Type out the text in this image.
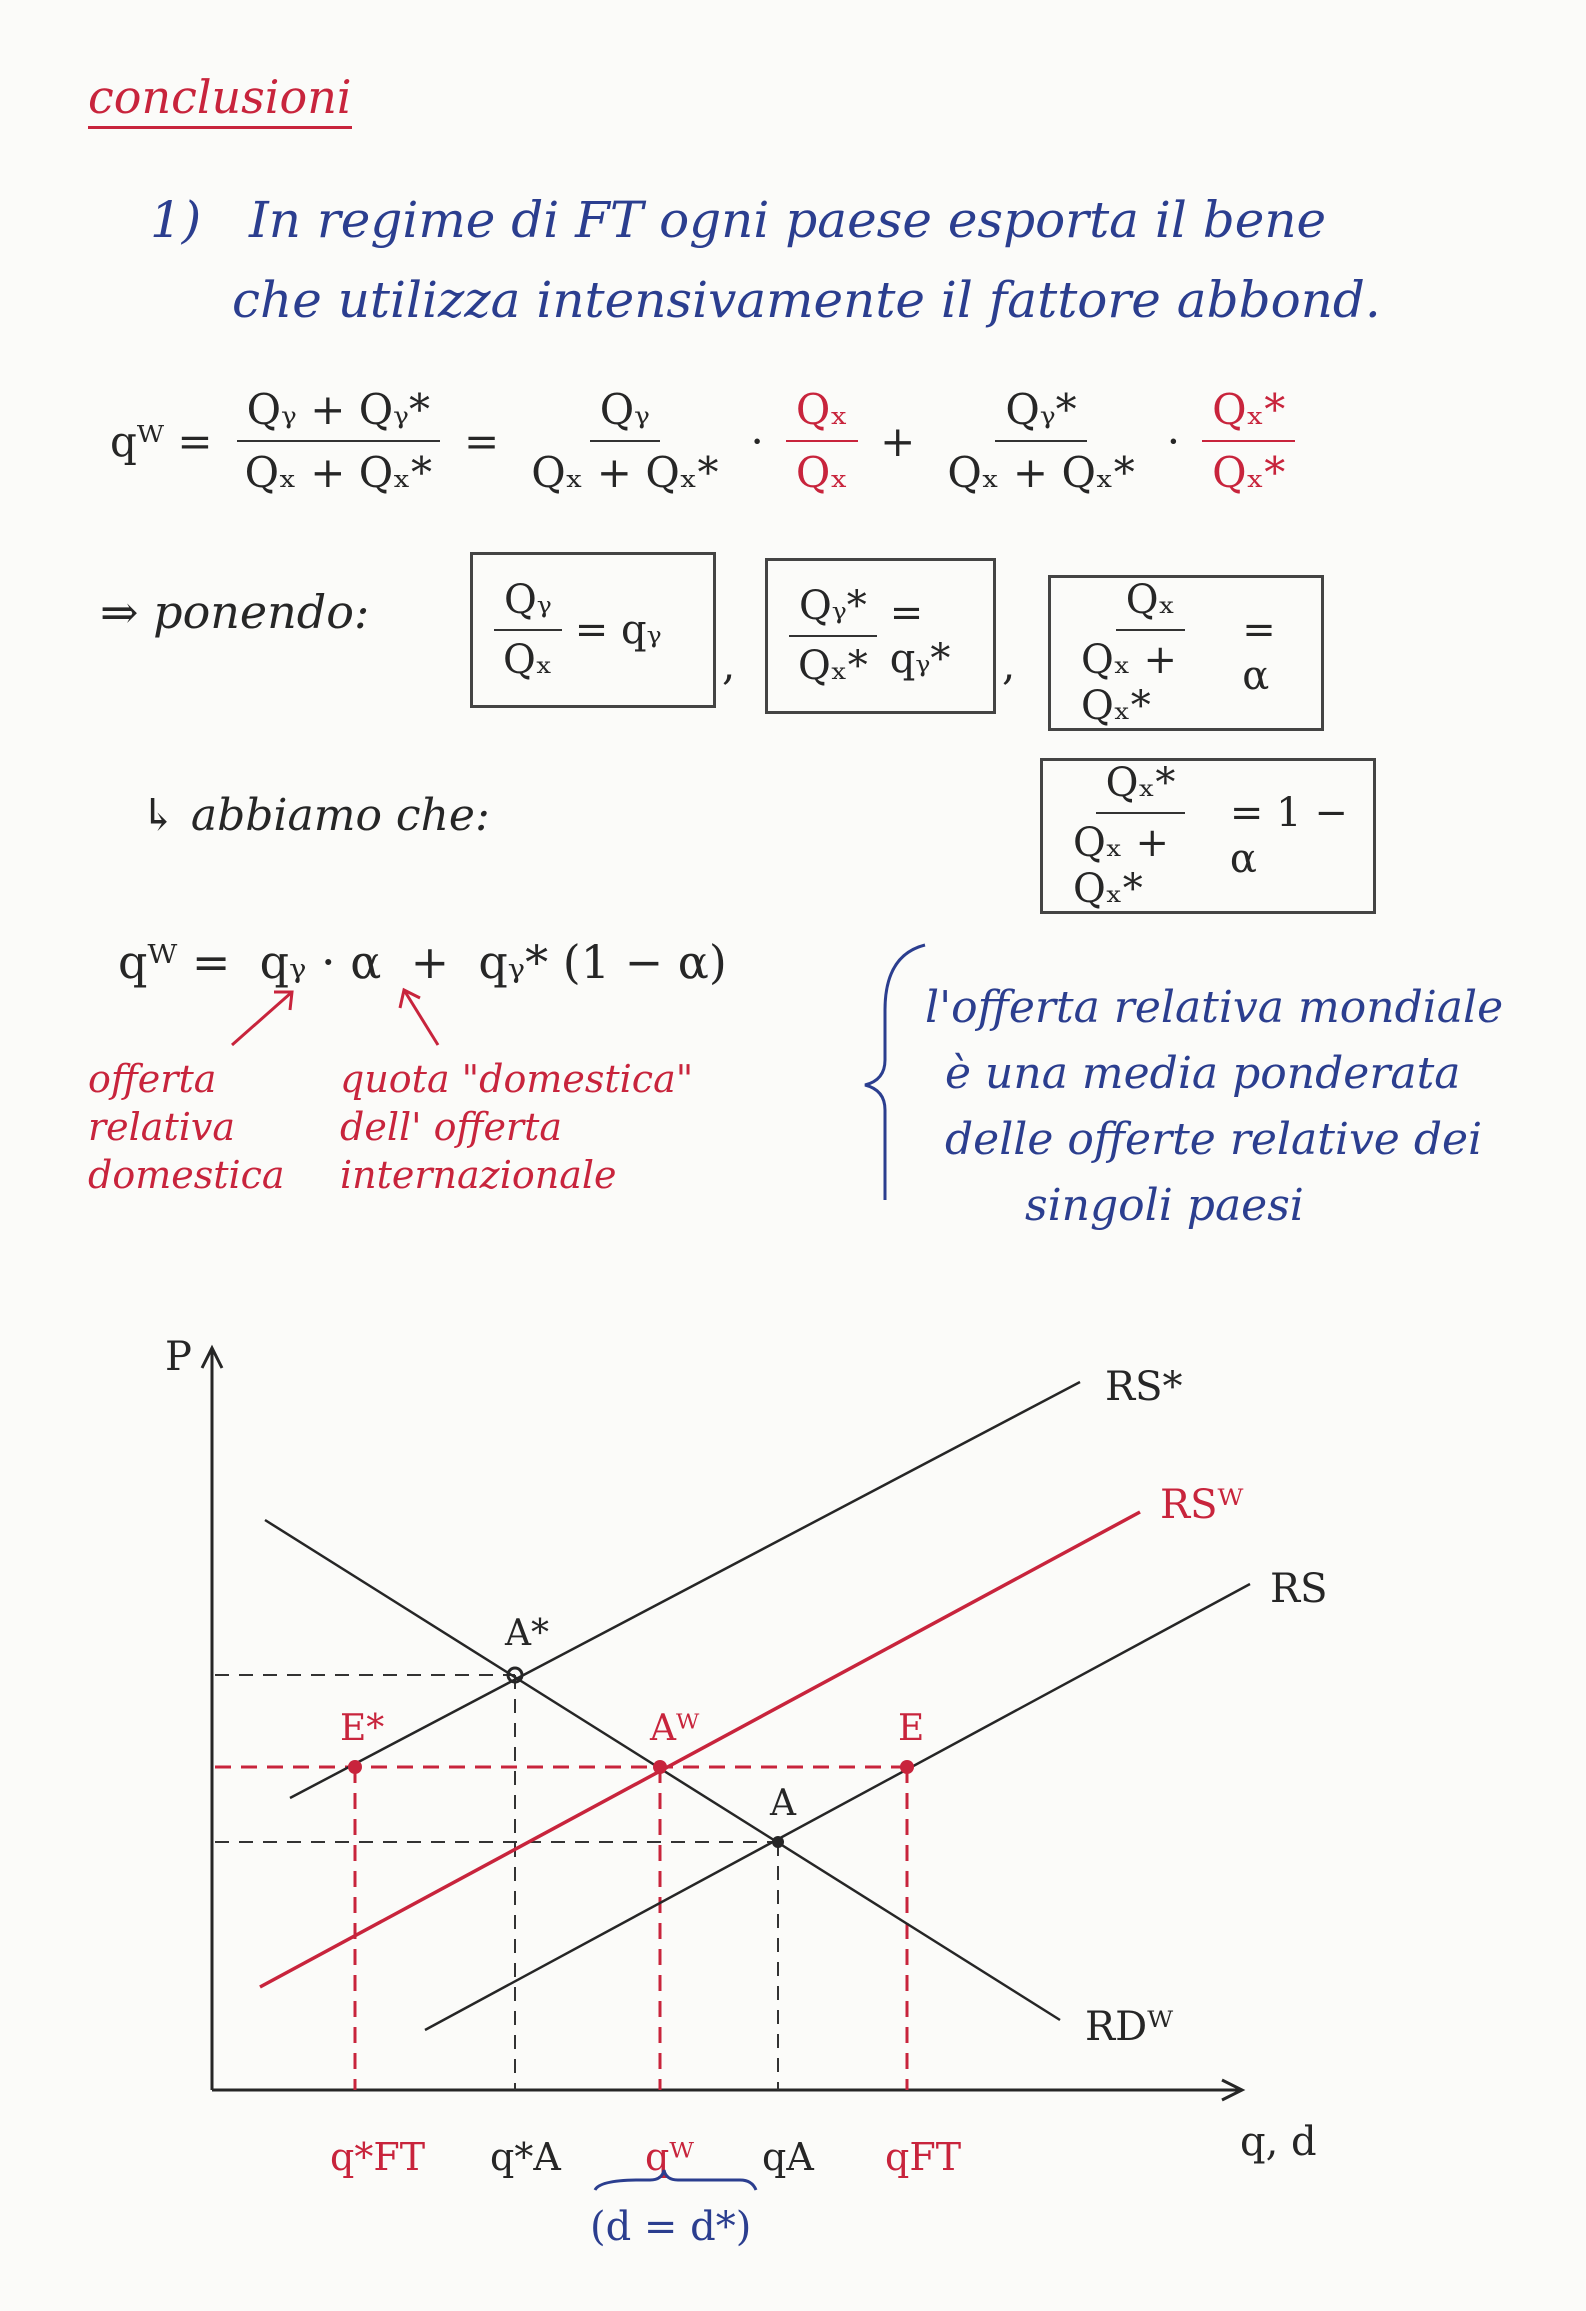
conclusioni
1) In regime di FT ogni paese esporta il bene
che utilizza intensivamente il fattore abbond.
qᵂ = $\frac{\text{Qᵧ + Qᵧ*}}{\text{Qₓ + Qₓ*}} = \frac{\text{Qᵧ}}{\text{Qₓ + Qₓ*}} \cdot \frac{\text{Qₓ}}{\text{Qₓ}} + \frac{\text{Qᵧ*}}{\text{Qₓ + Qₓ*}} \cdot \frac{\text{Qₓ*}}{\text{Qₓ*}}$
⇒ ponendo:	$\frac{\text{Qᵧ}}{\text{Qₓ}}$ = qᵧ
, $\frac{\text{Qᵧ*}}{\text{Qₓ*}}$ = qᵧ*	, $\frac{\text{Qₓ}}{\text{Qₓ + Qₓ*}} = \alpha$
$\frac{\text{Qₓ*}}{\text{Qₓ + Qₓ*}} = 1 - \alpha$
↳ abbiamo che:
qᵂ =  qᵧ · α  +  qᵧ* (1 − α)
offerta
relativa
domestica
quota "domestica"
dell' offerta
internazionale
l'offerta relativa mondiale
è una media ponderata
delle offerte relative dei
singoli paesi
P
q, d
RS*
RSᵂ
RS
RDᵂ
A*
A
Aᵂ
E*	E
q*FT q*A qᵂ qA qFT
(d = d*)
